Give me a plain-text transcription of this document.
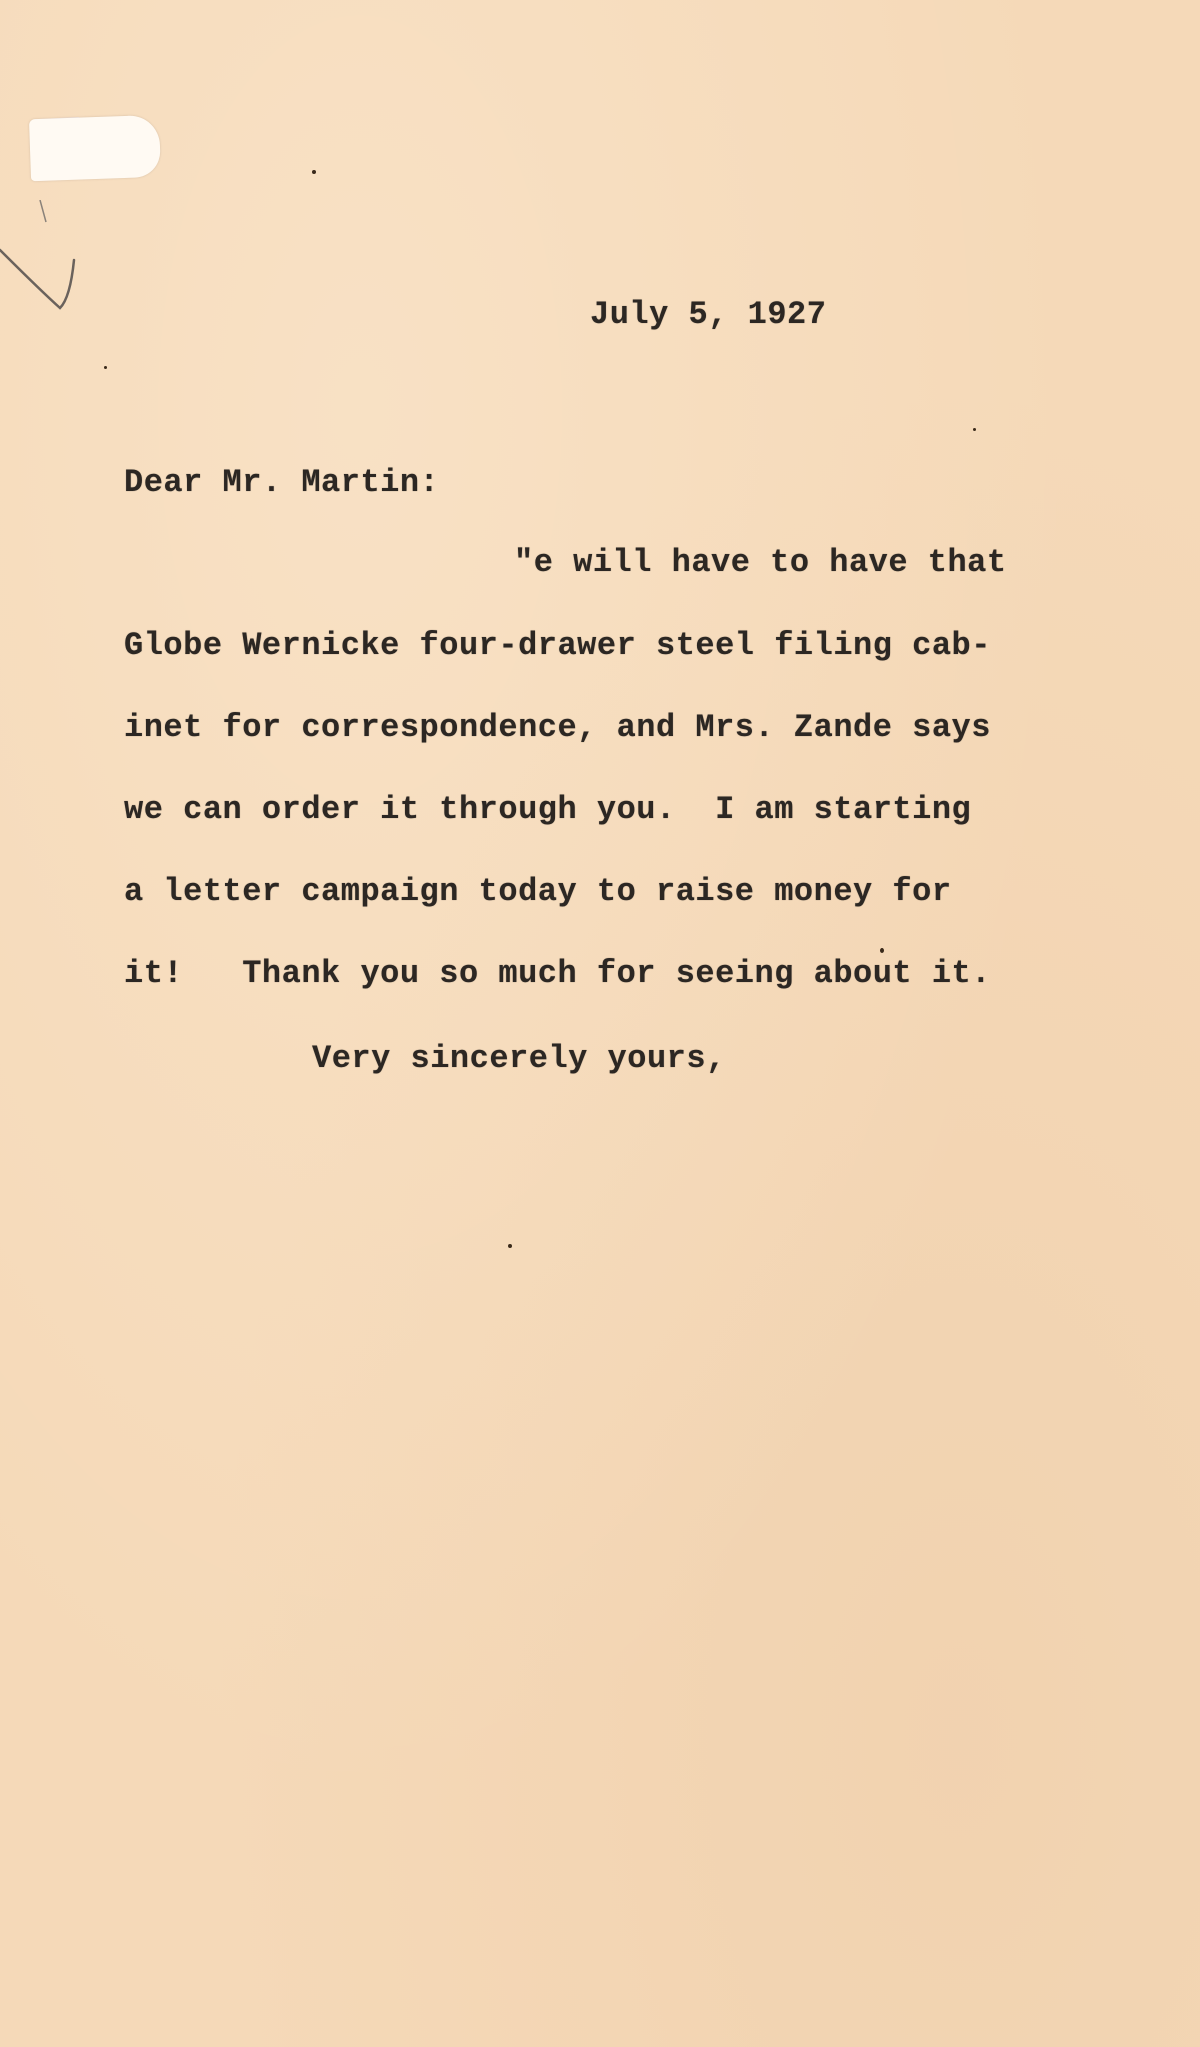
July 5, 1927
Dear Mr. Martin:
"e will have to have that
Globe Wernicke four-drawer steel filing cab-
inet for correspondence, and Mrs. Zande says
we can order it through you.  I am starting
a letter campaign today to raise money for
it!   Thank you so much for seeing about it.
Very sincerely yours,
